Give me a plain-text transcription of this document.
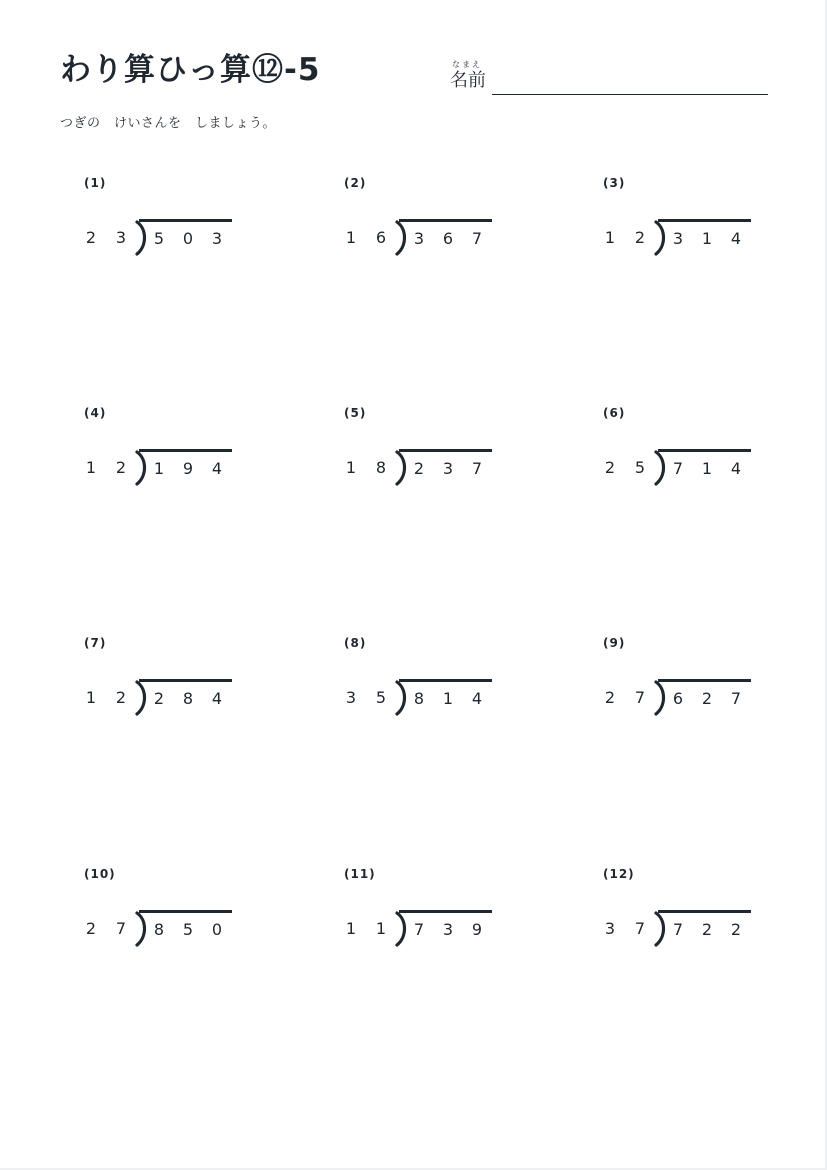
わり算ひっ算⑫-5	なまえ
名前
つぎの　けいさんを　しましょう。
(1)
2 3 5 0 3
(2)
1 6 3 6 7
(3)
1 2 3 1 4
(4)
1 2 1 9 4
(5)
1 8 2 3 7
(6)
2 5 7 1 4
(7)
1 2 2 8 4
(8)
3 5 8 1 4
(9)
2 7 6 2 7
(10)
2 7 8 5 0
(11)
1 1 7 3 9
(12)
3 7 7 2 2
